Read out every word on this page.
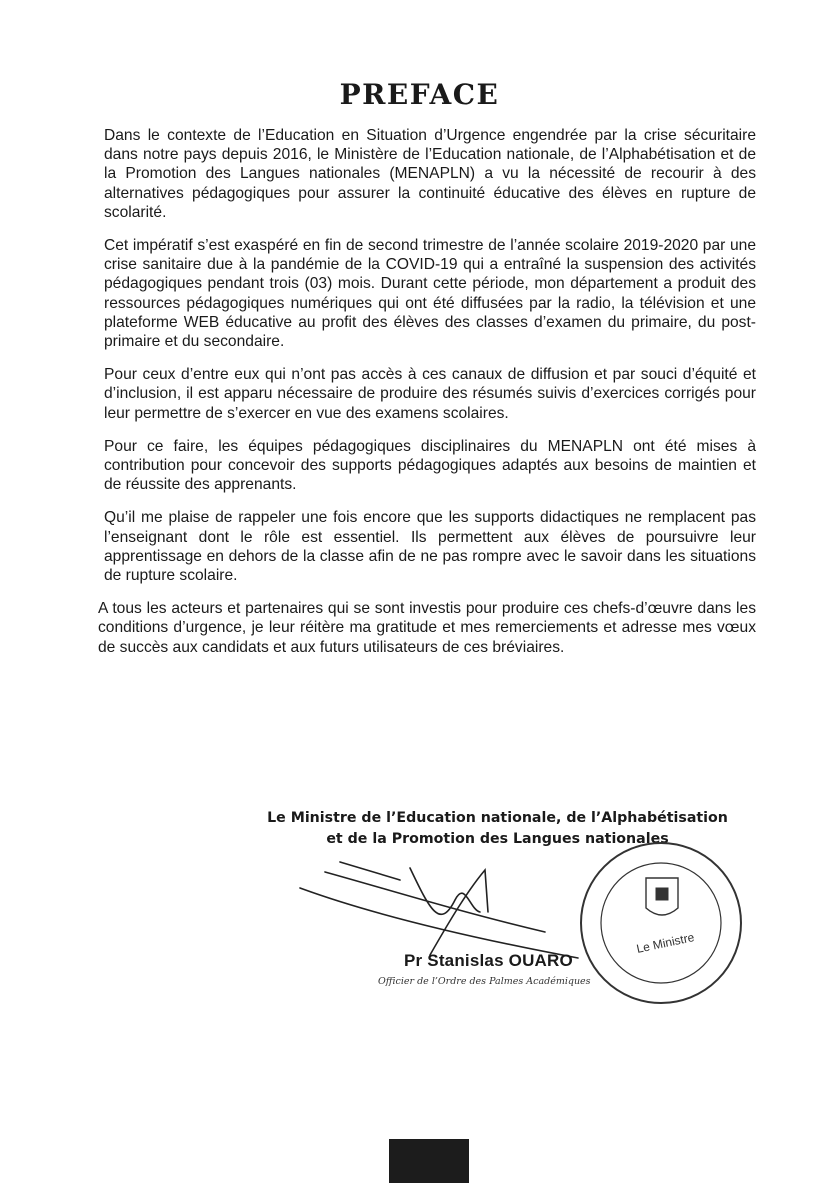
PREFACE

Dans le contexte de l’Education en Situation d’Urgence engendrée par la crise sécuritaire dans notre pays depuis 2016, le Ministère de l’Education nationale, de l’Alphabétisation et de la Promotion des Langues nationales (MENAPLN) a vu la nécessité de recourir à des alternatives pédagogiques pour assurer la continuité éducative des élèves en rupture de scolarité.

Cet impératif s’est exaspéré en fin de second trimestre de l’année scolaire 2019-2020 par une crise sanitaire due à la pandémie de la COVID-19 qui a entraîné la suspension des activités pédagogiques pendant trois (03) mois. Durant cette période, mon département a produit des ressources pédagogiques numériques qui ont été diffusées par la radio, la télévision et une plateforme WEB éducative au profit des élèves des classes d’examen du primaire, du post-primaire et du secondaire.

Pour ceux d’entre eux qui n’ont pas accès à ces canaux de diffusion et par souci d’équité et d’inclusion, il est apparu nécessaire de produire des résumés suivis d’exercices corrigés pour leur permettre de s’exercer en vue des examens scolaires.

Pour ce faire, les équipes pédagogiques disciplinaires du MENAPLN ont été mises à contribution pour concevoir des supports pédagogiques adaptés aux besoins de maintien et de réussite des apprenants.

Qu’il me plaise de rappeler une fois encore que les supports didactiques ne remplacent pas l’enseignant dont le rôle est essentiel. Ils permettent aux élèves de poursuivre leur apprentissage en dehors de la classe afin de ne pas rompre avec le savoir dans les situations de rupture scolaire.

A tous les acteurs et partenaires qui se sont investis pour produire ces chefs-d’œuvre dans les conditions d’urgence, je leur réitère ma gratitude et mes remerciements et adresse mes vœux de succès aux candidats et aux futurs utilisateurs de ces bréviaires.

Le Ministre de l’Education nationale, de l’Alphabétisation
et de la Promotion des Langues nationales
Le Ministre
Pr Stanislas OUARO
Officier de l’Ordre des Palmes Académiques
